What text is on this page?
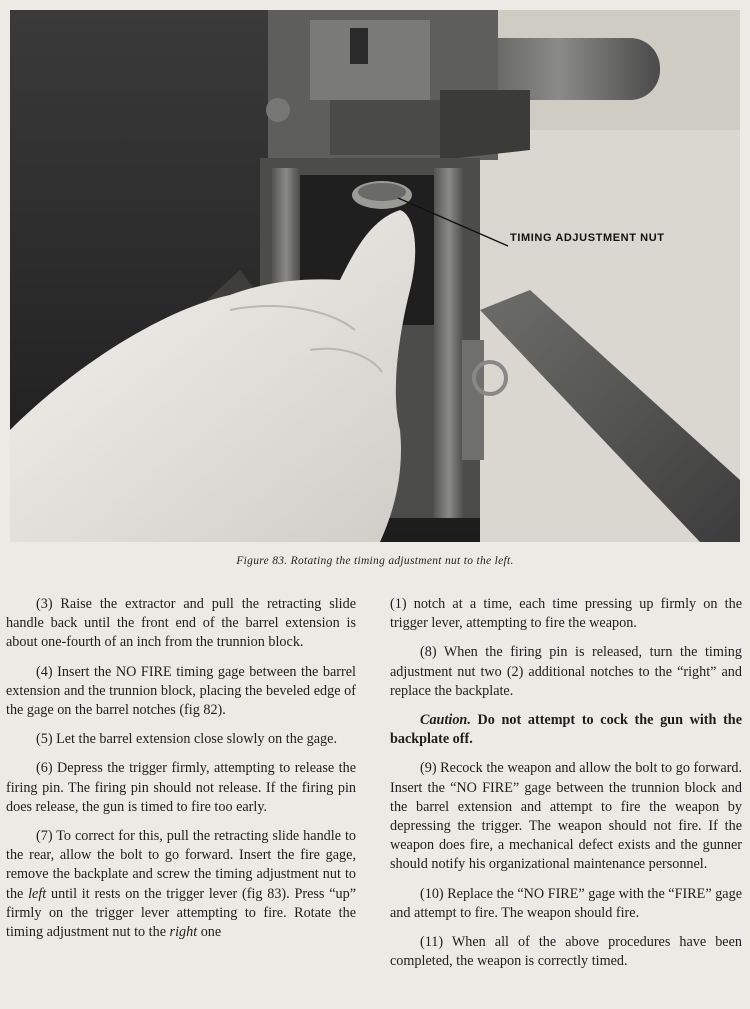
TIMING ADJUSTMENT NUT
Figure 83. Rotating the timing adjustment nut to the left.

(3) Raise the extractor and pull the retracting slide handle back until the front end of the barrel extension is about one-fourth of an inch from the trunnion block.

(4) Insert the NO FIRE timing gage between the barrel extension and the trunnion block, placing the beveled edge of the gage on the barrel notches (fig 82).

(5) Let the barrel extension close slowly on the gage.

(6) Depress the trigger firmly, attempting to release the firing pin. The firing pin should not release. If the firing pin does release, the gun is timed to fire too early.

(7) To correct for this, pull the retracting slide handle to the rear, allow the bolt to go forward. Insert the fire gage, remove the backplate and screw the timing adjustment nut to the left until it rests on the trigger lever (fig 83). Press “up” firmly on the trigger lever attempting to fire. Rotate the timing adjustment nut to the right one

(1) notch at a time, each time pressing up firmly on the trigger lever, attempting to fire the weapon.

(8) When the firing pin is released, turn the timing adjustment nut two (2) additional notches to the “right” and replace the backplate.

Caution. Do not attempt to cock the gun with the backplate off.

(9) Recock the weapon and allow the bolt to go forward. Insert the “NO FIRE” gage between the trunnion block and the barrel extension and attempt to fire the weapon by depressing the trigger. The weapon should not fire. If the weapon does fire, a mechanical defect exists and the gunner should notify his organizational maintenance personnel.

(10) Replace the “NO FIRE” gage with the “FIRE” gage and attempt to fire. The weapon should fire.

(11) When all of the above procedures have been completed, the weapon is correctly timed.
